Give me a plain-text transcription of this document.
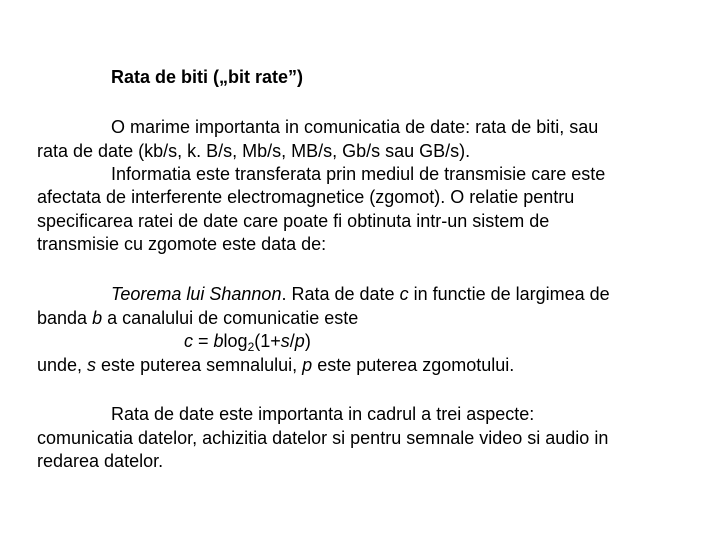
Rata de biti („bit rate”)
O marime importanta in comunicatia de date: rata de biti, sau
rata de date (kb/s, k. B/s, Mb/s, MB/s, Gb/s sau GB/s).
Informatia este transferata prin mediul de transmisie care este
afectata de interferente electromagnetice (zgomot). O relatie pentru
specificarea ratei de date care poate fi obtinuta intr-un sistem de
transmisie cu zgomote este data de:
Teorema lui Shannon. Rata de date c in functie de largimea de
banda b a canalului de comunicatie este
c = blog$_2$(1+s/p)
unde, s este puterea semnalului, p este puterea zgomotului.
Rata de date este importanta in cadrul a trei aspecte:
comunicatia datelor, achizitia datelor si pentru semnale video si audio in
redarea datelor.
